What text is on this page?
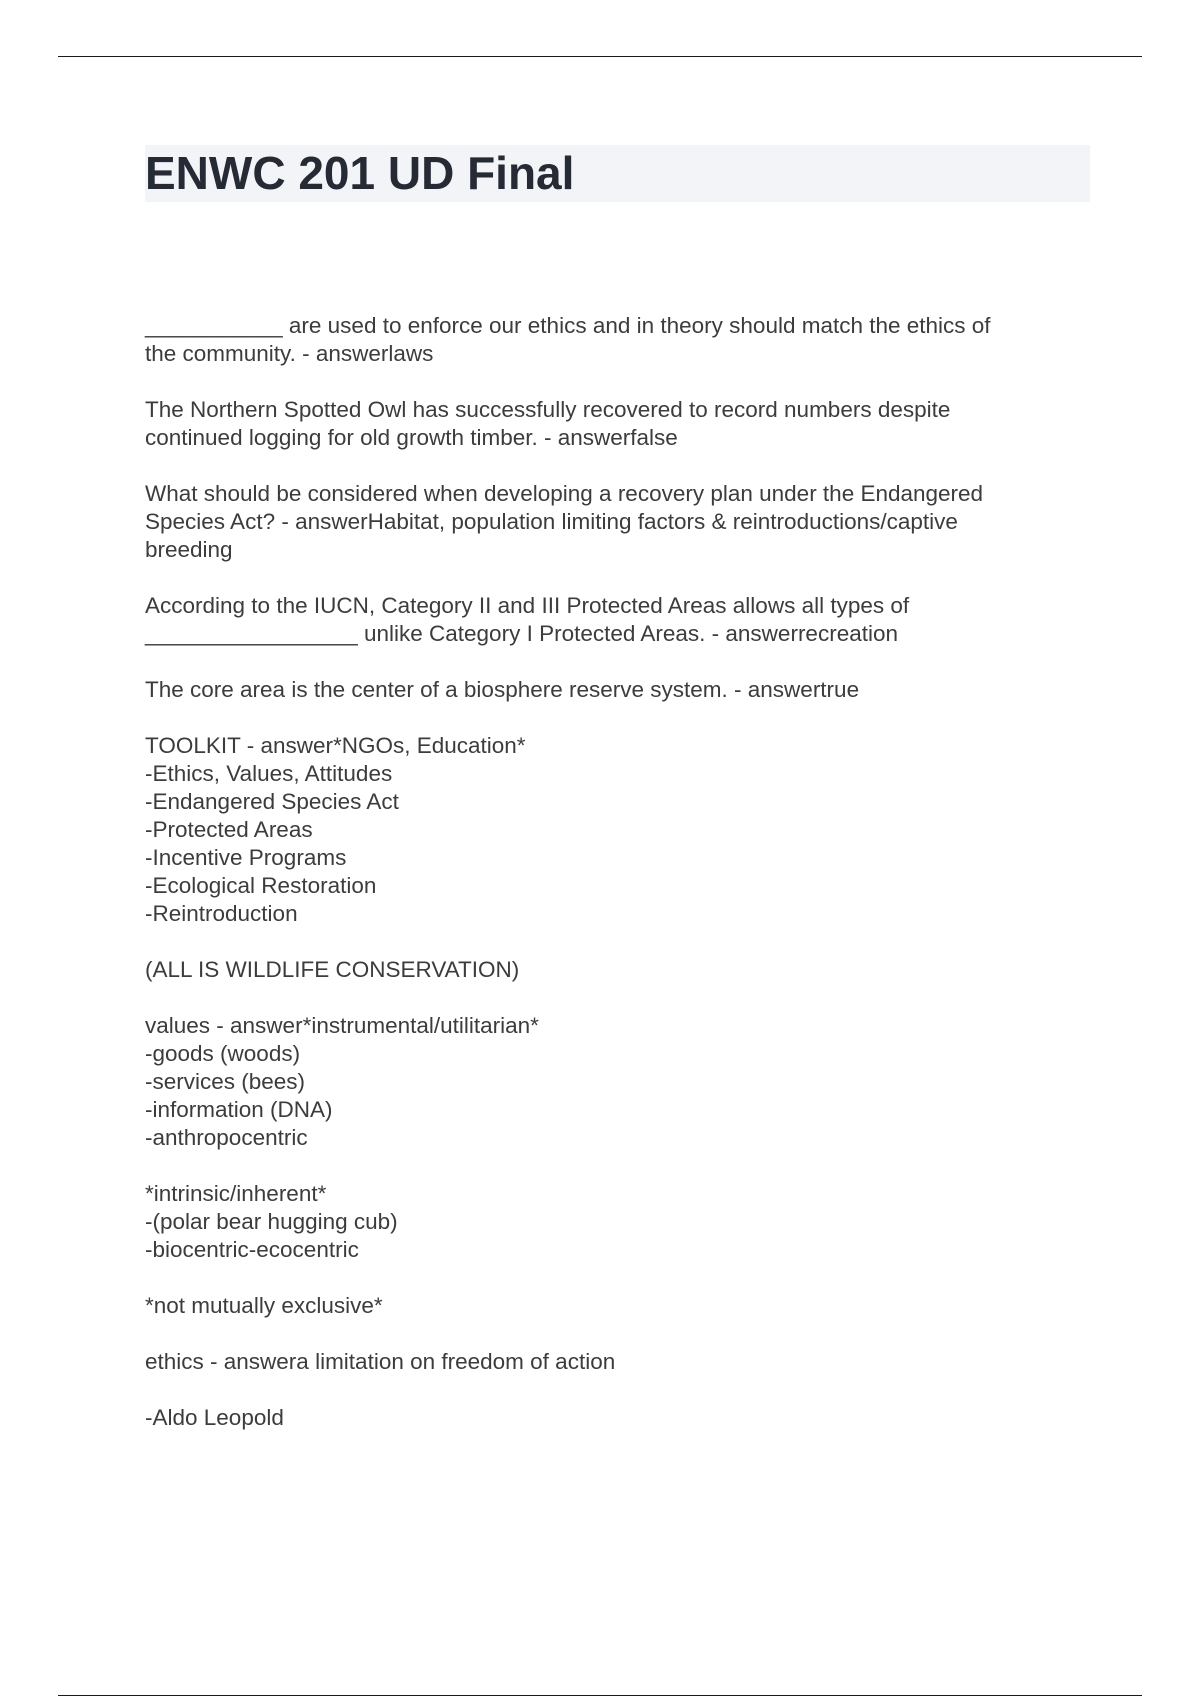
ENWC 201 UD Final

___________ are used to enforce our ethics and in theory should match the ethics of
the community. - answerlaws

The Northern Spotted Owl has successfully recovered to record numbers despite
continued logging for old growth timber. - answerfalse

What should be considered when developing a recovery plan under the Endangered
Species Act? - answerHabitat, population limiting factors & reintroductions/captive
breeding

According to the IUCN, Category II and III Protected Areas allows all types of
_________________ unlike Category I Protected Areas. - answerrecreation

The core area is the center of a biosphere reserve system. - answertrue

TOOLKIT - answer*NGOs, Education*
-Ethics, Values, Attitudes
-Endangered Species Act
-Protected Areas
-Incentive Programs
-Ecological Restoration
-Reintroduction

(ALL IS WILDLIFE CONSERVATION)

values - answer*instrumental/utilitarian*
-goods (woods)
-services (bees)
-information (DNA)
-anthropocentric

*intrinsic/inherent*
-(polar bear hugging cub)
-biocentric-ecocentric

*not mutually exclusive*

ethics - answera limitation on freedom of action

-Aldo Leopold
